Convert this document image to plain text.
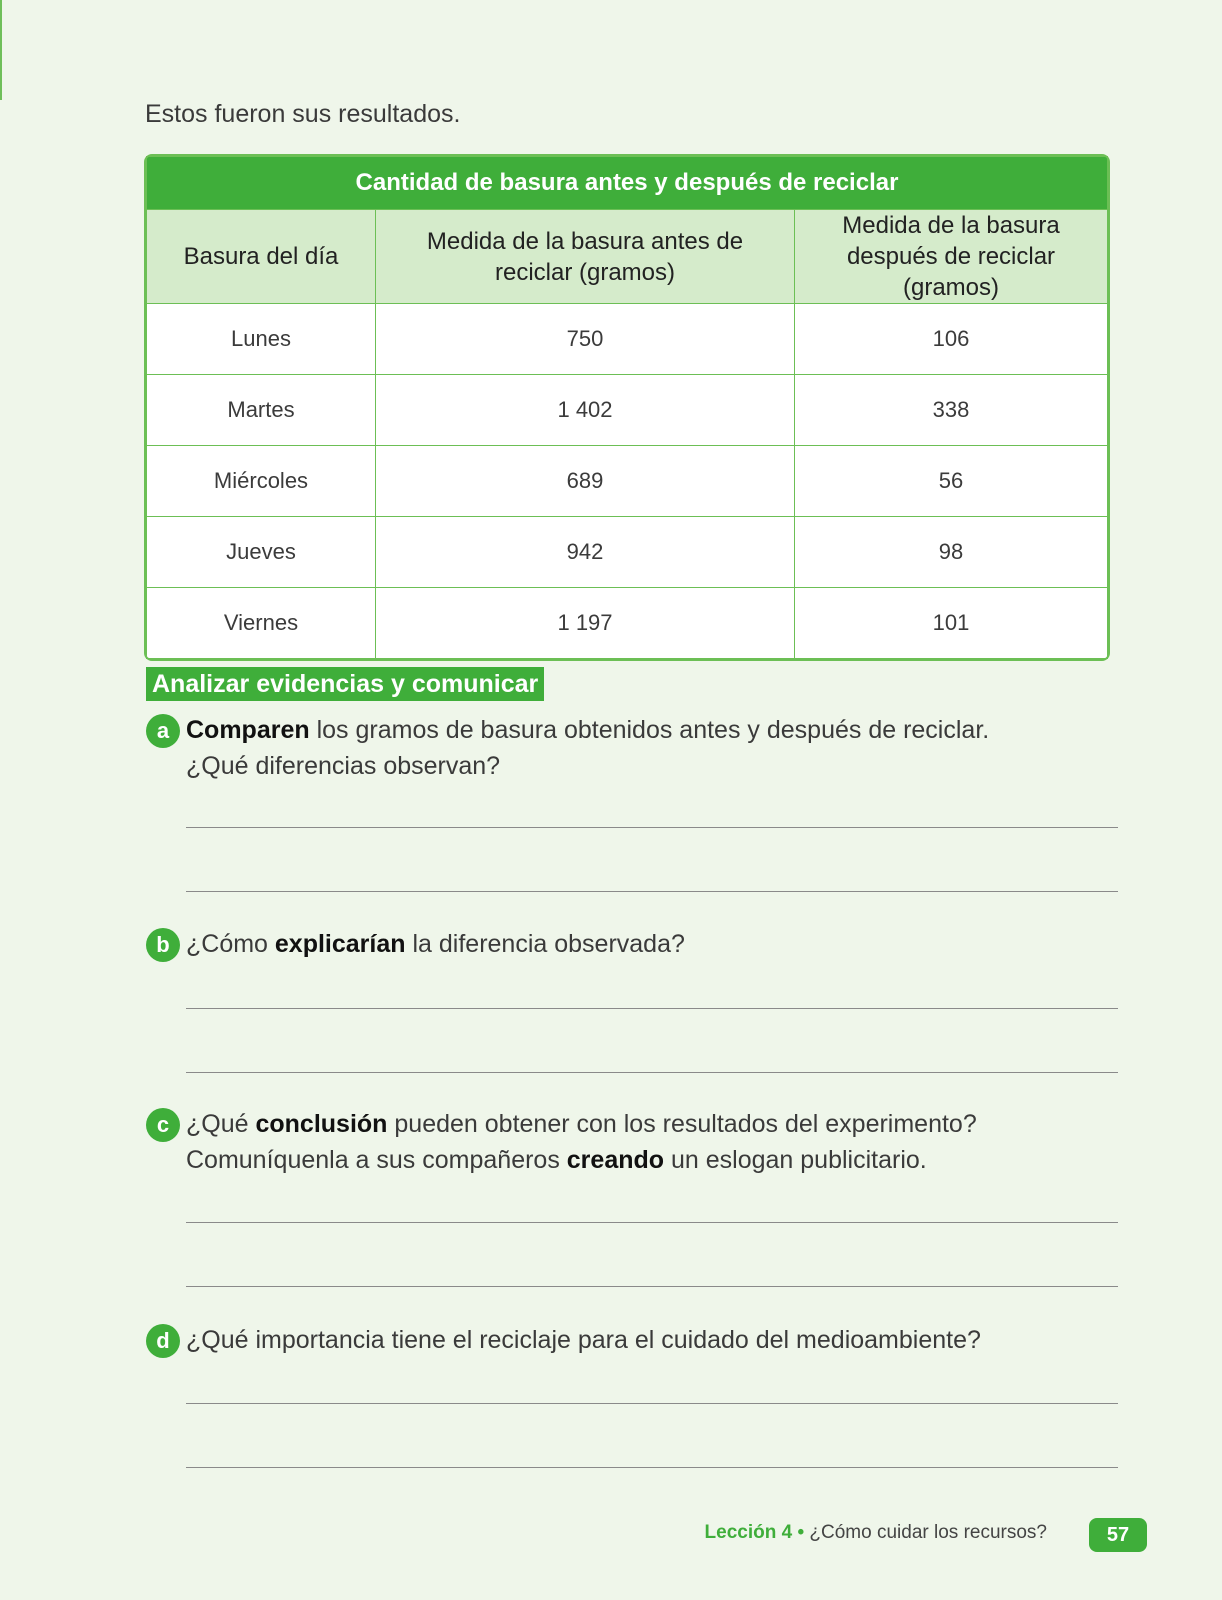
Estos fueron sus resultados.
Cantidad de basura antes y después de reciclar		
Basura del día	Medida de la basura antes de reciclar (gramos)	Medida de la basura después de reciclar (gramos)
Lunes	750	106
Martes	1 402	338
Miércoles	689	56
Jueves	942	98
Viernes	1 197	101
Analizar evidencias y comunicar
a Comparen los gramos de basura obtenidos antes y después de reciclar.
¿Qué diferencias observan?
b ¿Cómo explicarían la diferencia observada?
c ¿Qué conclusión pueden obtener con los resultados del experimento?
Comuníquenla a sus compañeros creando un eslogan publicitario.
d ¿Qué importancia tiene el reciclaje para el cuidado del medioambiente?
Lección 4 • ¿Cómo cuidar los recursos?	57
